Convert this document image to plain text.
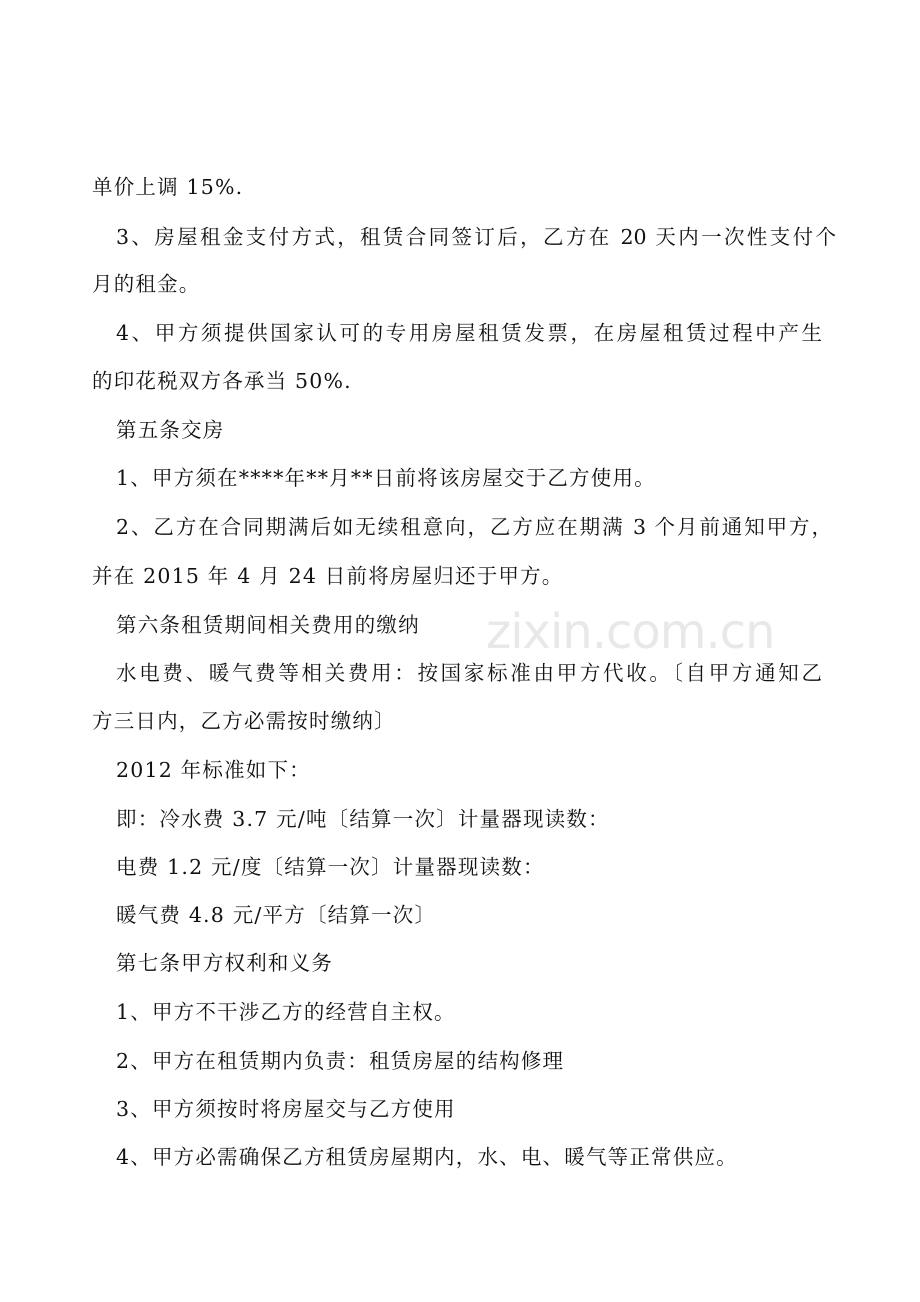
zixin.com.cn
单价上调 15%.
3、房屋租金支付方式，租赁合同签订后，乙方在 20 天内一次性支付个
月的租金。
4、甲方须提供国家认可的专用房屋租赁发票，在房屋租赁过程中产生
的印花税双方各承当 50%.
第五条交房
1、甲方须在****年**月**日前将该房屋交于乙方使用。
2、乙方在合同期满后如无续租意向，乙方应在期满 3 个月前通知甲方，
并在 2015 年 4 月 24 日前将房屋归还于甲方。
第六条租赁期间相关费用的缴纳
水电费、暖气费等相关费用：按国家标准由甲方代收。〔自甲方通知乙
方三日内，乙方必需按时缴纳〕
2012 年标准如下：
即：冷水费 3.7 元/吨〔结算一次〕计量器现读数：
电费 1.2 元/度〔结算一次〕计量器现读数：
暖气费 4.8 元/平方〔结算一次〕
第七条甲方权利和义务
1、甲方不干涉乙方的经营自主权。
2、甲方在租赁期内负责：租赁房屋的结构修理
3、甲方须按时将房屋交与乙方使用
4、甲方必需确保乙方租赁房屋期内，水、电、暖气等正常供应。
